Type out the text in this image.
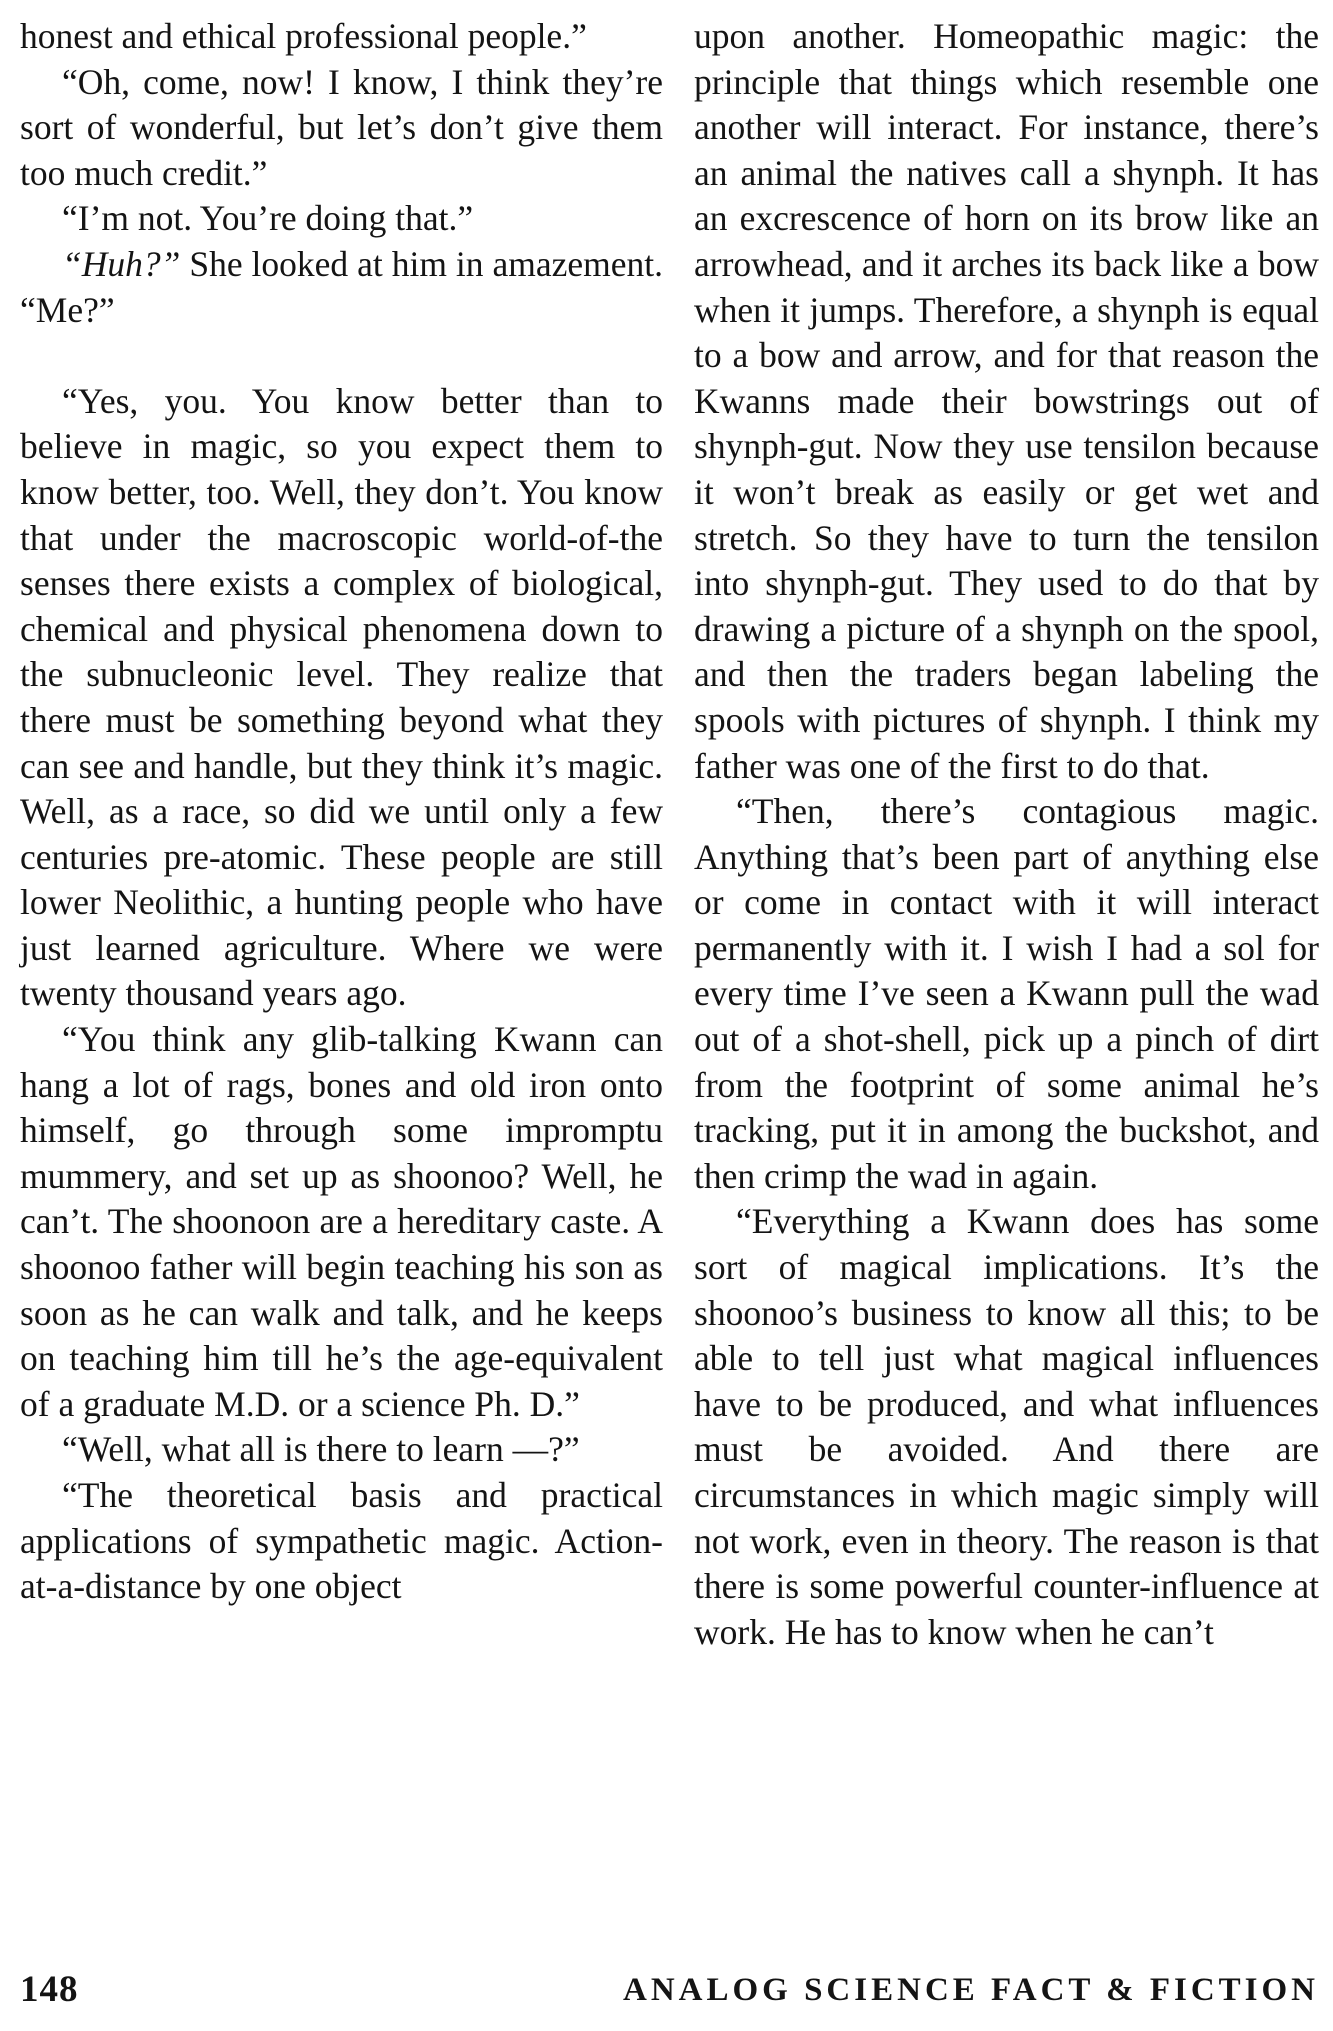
honest and ethical professional people.”

“Oh, come, now! I know, I think they’re sort of wonderful, but let’s don’t give them too much credit.”

“I’m not. You’re doing that.”

“Huh?” She looked at him in amazement. “Me?”

“Yes, you. You know better than to believe in magic, so you expect them to know better, too. Well, they don’t. You know that under the macroscopic world-of-the senses there exists a complex of biological, chemical and physical phenomena down to the subnucleonic level. They realize that there must be something beyond what they can see and handle, but they think it’s magic. Well, as a race, so did we until only a few centuries pre-atomic. These people are still lower Neolithic, a hunting people who have just learned agriculture. Where we were twenty thousand years ago.

“You think any glib-talking Kwann can hang a lot of rags, bones and old iron onto himself, go through some impromptu mummery, and set up as shoonoo? Well, he can’t. The shoonoon are a hereditary caste. A shoonoo father will begin teaching his son as soon as he can walk and talk, and he keeps on teaching him till he’s the age-equivalent of a graduate M.D. or a science Ph. D.”

“Well, what all is there to learn —?”

“The theoretical basis and practical applications of sympathetic magic. Action-at-a-distance by one object

upon another. Homeopathic magic: the principle that things which resemble one another will interact. For instance, there’s an animal the natives call a shynph. It has an excrescence of horn on its brow like an arrowhead, and it arches its back like a bow when it jumps. Therefore, a shynph is equal to a bow and arrow, and for that reason the Kwanns made their bowstrings out of shynph-gut. Now they use tensilon because it won’t break as easily or get wet and stretch. So they have to turn the tensilon into shynph-gut. They used to do that by drawing a picture of a shynph on the spool, and then the traders began labeling the spools with pictures of shynph. I think my father was one of the first to do that.

“Then, there’s contagious magic. Anything that’s been part of anything else or come in contact with it will interact permanently with it. I wish I had a sol for every time I’ve seen a Kwann pull the wad out of a shot-shell, pick up a pinch of dirt from the footprint of some animal he’s tracking, put it in among the buckshot, and then crimp the wad in again.

“Everything a Kwann does has some sort of magical implications. It’s the shoonoo’s business to know all this; to be able to tell just what magical influences have to be produced, and what influences must be avoided. And there are circumstances in which magic simply will not work, even in theory. The reason is that there is some powerful counter-influence at work. He has to know when he can’t

148	ANALOG SCIENCE FACT & FICTION
